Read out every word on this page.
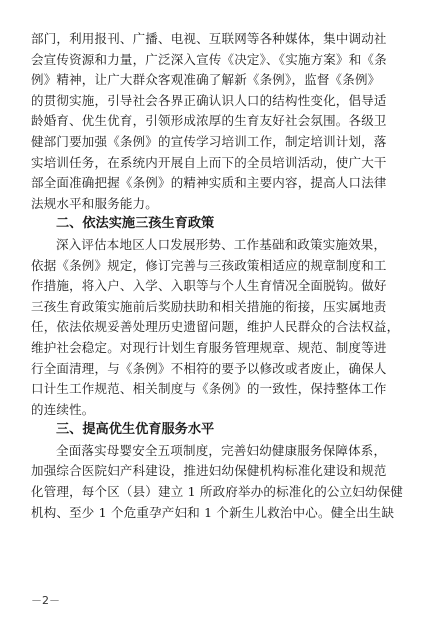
部门，利用报刊、广播、电视、互联网等各种媒体，集中调动社
会宣传资源和力量，广泛深入宣传《决定》、《实施方案》和《条
例》精神，让广大群众客观准确了解新《条例》，监督《条例》
的贯彻实施，引导社会各界正确认识人口的结构性变化，倡导适
龄婚育、优生优育，引领形成浓厚的生育友好社会氛围。各级卫
健部门要加强《条例》的宣传学习培训工作，制定培训计划，落
实培训任务，在系统内开展自上而下的全员培训活动，使广大干
部全面准确把握《条例》的精神实质和主要内容，提高人口法律
法规水平和服务能力。
二、依法实施三孩生育政策
深入评估本地区人口发展形势、工作基础和政策实施效果，
依据《条例》规定，修订完善与三孩政策相适应的规章制度和工
作措施，将入户、入学、入职等与个人生育情况全面脱钩。做好
三孩生育政策实施前后奖励扶助和相关措施的衔接，压实属地责
任，依法依规妥善处理历史遗留问题，维护人民群众的合法权益，
维护社会稳定。对现行计划生育服务管理规章、规范、制度等进
行全面清理，与《条例》不相符的要予以修改或者废止，确保人
口计生工作规范、相关制度与《条例》的一致性，保持整体工作
的连续性。
三、提高优生优育服务水平
全面落实母婴安全五项制度，完善妇幼健康服务保障体系，
加强综合医院妇产科建设，推进妇幼保健机构标准化建设和规范
化管理，每个区（县）建立 1 所政府举办的标准化的公立妇幼保健
机构、至少 1 个危重孕产妇和 1 个新生儿救治中心。健全出生缺
－2－
